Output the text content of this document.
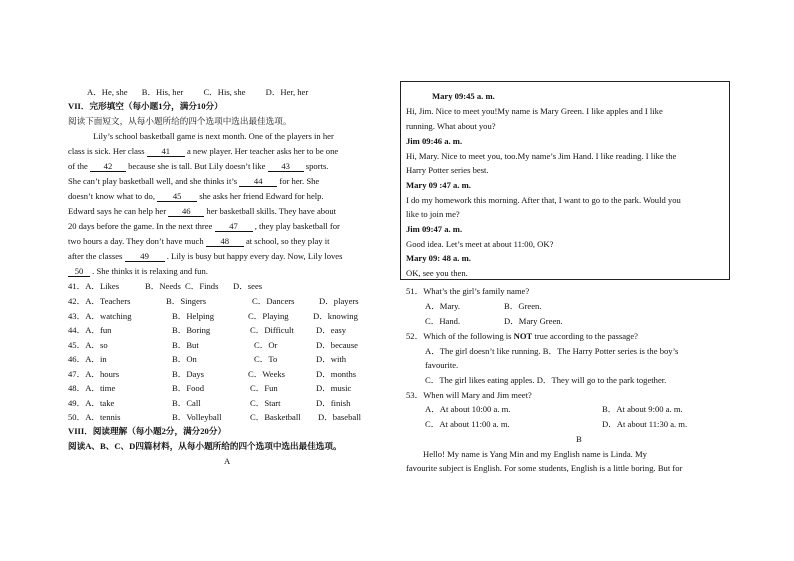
A．He, she B．His, her C．His, she D．Her, her
VII．完形填空（每小题1分，满分10分）
阅读下面短文，从每小题所给的四个选项中选出最佳选项。
Lily’s school basketball game is next month. One of the players in her
class is sick. Her class 41 a new player. Her teacher asks her to be one
of the 42 because she is tall. But Lily doesn’t like 43 sports.
She can’t play basketball well, and she thinks it’s 44 for her. She
doesn’t know what to do, 45 she asks her friend Edward for help.
Edward says he can help her 46 her basketball skills. They have about
20 days before the game. In the next three 47 , they play basketball for
two hours a day. They don’t have much 48 at school, so they play it
after the classes 49 . Lily is busy but happy every day. Now, Lily loves
50 . She thinks it is relaxing and fun.
41．A．Likes	B．Needs C．Finds D．sees
42．A．Teachers	B．Singers	C．Dancers	D．players
43．A．watching	B．Helping	C．Playing	D．knowing
44．A．fun	B．Boring	C．Difficult	D．easy
45．A．so	B．But	C．Or	D．because
46．A．in	B．On	C．To	D．with
47．A．hours	B．Days	C．Weeks	D．months
48．A．time	B．Food	C．Fun	D．music
49．A．take	B．Call	C．Start	D．finish
50．A．tennis	B．Volleyball	C．Basketball D．baseball
VIII．阅读理解（每小题2分，满分20分）
阅读A、B、C、D四篇材料，从每小题所给的四个选项中选出最佳选项。
A
Mary 09:45 a. m.
Hi, Jim. Nice to meet you!My name is Mary Green. I like apples and I like
running. What about you?
Jim 09:46 a. m.
Hi, Mary. Nice to meet you, too.My name’s Jim Hand. I like reading. I like the
Harry Potter series best.
Mary 09 :47 a. m.
I do my homework this morning. After that, I want to go to the park. Would you
like to join me?
Jim 09:47 a. m.
Good idea. Let’s meet at about 11:00, OK?
Mary 09: 48 a. m.
OK, see you then.
51．What’s the girl’s family name?
A．Mary.	B．Green.
C．Hand.	D．Mary Green.
52．Which of the following is NOT true according to the passage?
A．The girl doesn’t like running. B．The Harry Potter series is the boy’s
favourite.
C．The girl likes eating apples. D．They will go to the park together.
53．When will Mary and Jim meet?
A．At about 10:00 a. m.	B．At about 9:00 a. m.
C．At about 11:00 a. m.	D．At about 11:30 a. m.
B
Hello! My name is Yang Min and my English name is Linda. My
favourite subject is English. For some students, English is a little boring. But for
